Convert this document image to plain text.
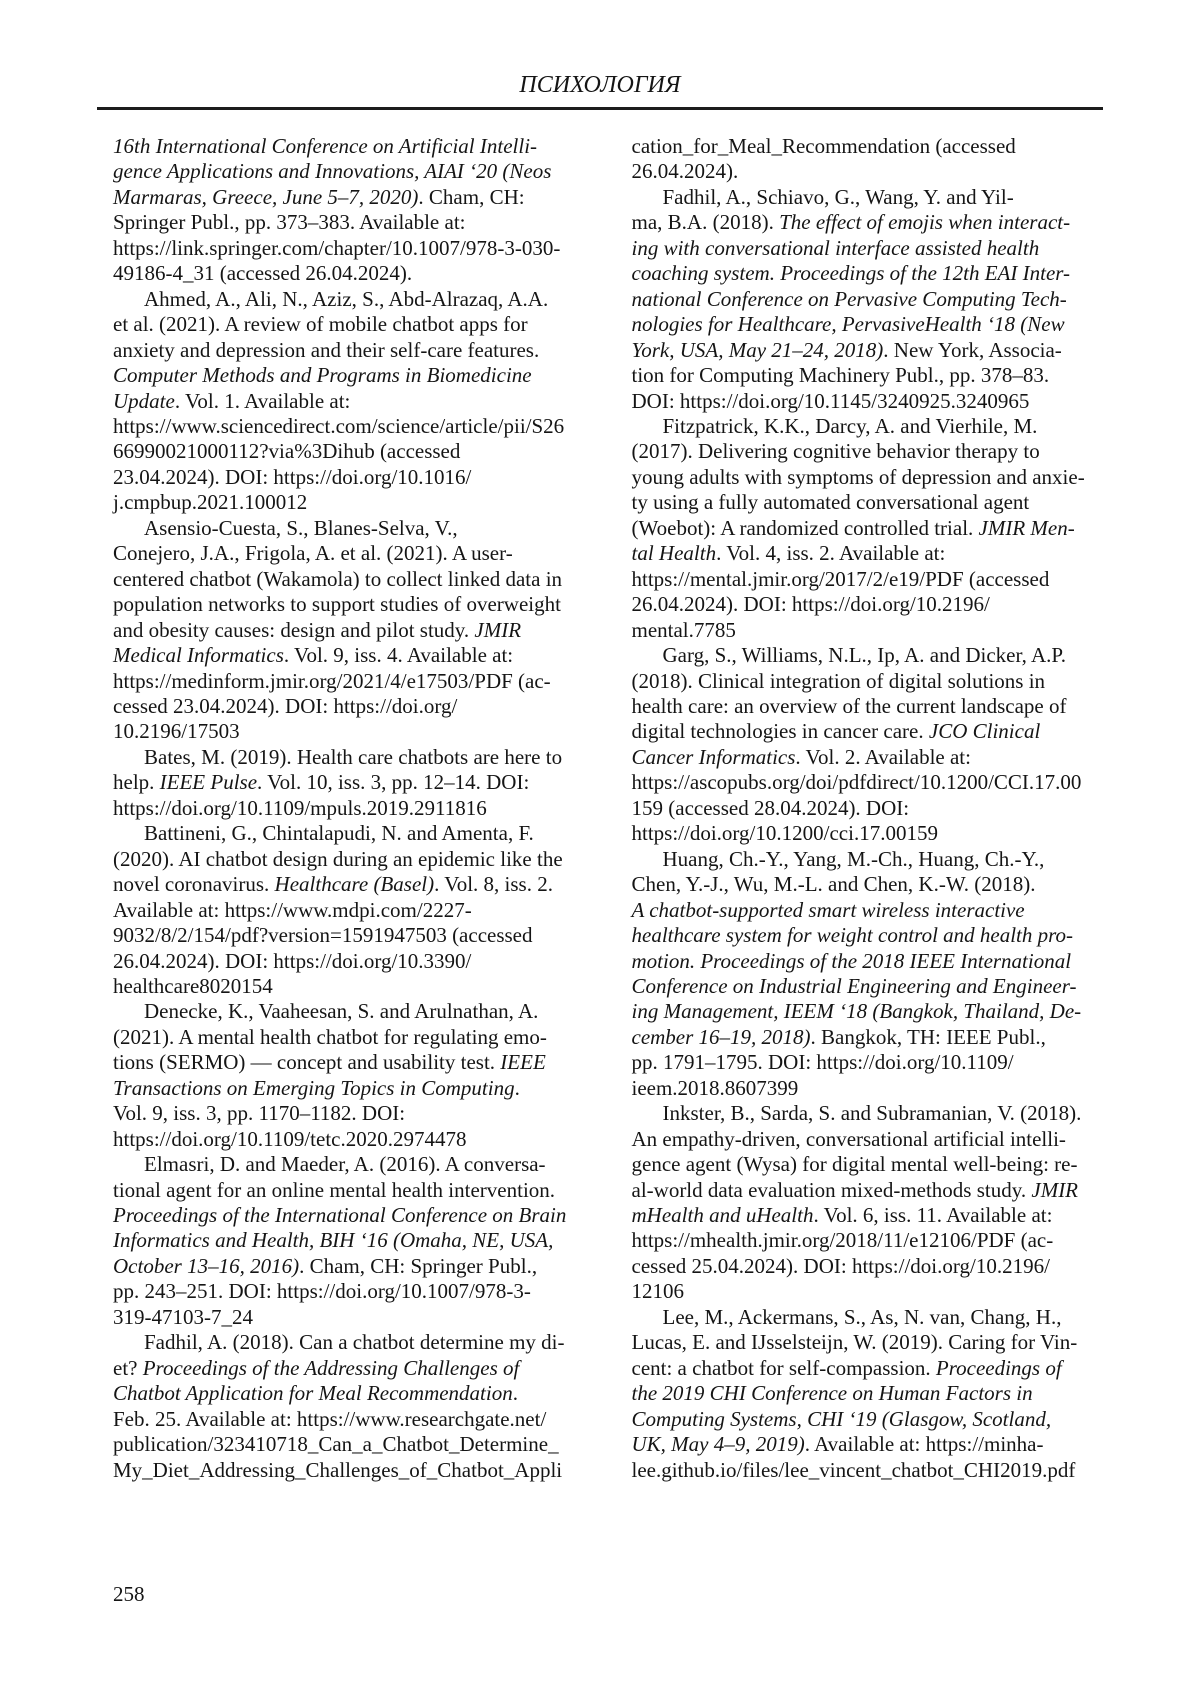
ПСИХОЛОГИЯ

16th International Conference on Artificial Intelli-
gence Applications and Innovations, AIAI ‘20 (Neos
Marmaras, Greece, June 5–7, 2020). Cham, CH:
Springer Publ., pp. 373–383. Available at:
https://link.springer.com/chapter/10.1007/978-3-030-
49186-4_31 (accessed 26.04.2024).

Ahmed, A., Ali, N., Aziz, S., Abd-Alrazaq, A.A.
et al. (2021). A review of mobile chatbot apps for
anxiety and depression and their self-care features.
Computer Methods and Programs in Biomedicine
Update. Vol. 1. Available at:
https://www.sciencedirect.com/science/article/pii/S26
66990021000112?via%3Dihub (accessed
23.04.2024). DOI: https://doi.org/10.1016/
j.cmpbup.2021.100012

Asensio-Cuesta, S., Blanes-Selva, V.,
Conejero, J.A., Frigola, A. et al. (2021). A user-
centered chatbot (Wakamola) to collect linked data in
population networks to support studies of overweight
and obesity causes: design and pilot study. JMIR
Medical Informatics. Vol. 9, iss. 4. Available at:
https://medinform.jmir.org/2021/4/e17503/PDF (ac-
cessed 23.04.2024). DOI: https://doi.org/
10.2196/17503

Bates, M. (2019). Health care chatbots are here to
help. IEEE Pulse. Vol. 10, iss. 3, pp. 12–14. DOI:
https://doi.org/10.1109/mpuls.2019.2911816

Battineni, G., Chintalapudi, N. and Amenta, F.
(2020). AI chatbot design during an epidemic like the
novel coronavirus. Healthcare (Basel). Vol. 8, iss. 2.
Available at: https://www.mdpi.com/2227-
9032/8/2/154/pdf?version=1591947503 (accessed
26.04.2024). DOI: https://doi.org/10.3390/
healthcare8020154

Denecke, K., Vaaheesan, S. and Arulnathan, A.
(2021). A mental health chatbot for regulating emo-
tions (SERMO) — concept and usability test. IEEE
Transactions on Emerging Topics in Computing.
Vol. 9, iss. 3, pp. 1170–1182. DOI:
https://doi.org/10.1109/tetc.2020.2974478

Elmasri, D. and Maeder, A. (2016). A conversa-
tional agent for an online mental health intervention.
Proceedings of the International Conference on Brain
Informatics and Health, BIH ‘16 (Omaha, NE, USA,
October 13–16, 2016). Cham, CH: Springer Publ.,
pp. 243–251. DOI: https://doi.org/10.1007/978-3-
319-47103-7_24

Fadhil, A. (2018). Can a chatbot determine my di-
et? Proceedings of the Addressing Challenges of
Chatbot Application for Meal Recommendation.
Feb. 25. Available at: https://www.researchgate.net/
publication/323410718_Can_a_Chatbot_Determine_
My_Diet_Addressing_Challenges_of_Chatbot_Appli

cation_for_Meal_Recommendation (accessed
26.04.2024).

Fadhil, A., Schiavo, G., Wang, Y. and Yil-
ma, B.A. (2018). The effect of emojis when interact-
ing with conversational interface assisted health
coaching system. Proceedings of the 12th EAI Inter-
national Conference on Pervasive Computing Tech-
nologies for Healthcare, PervasiveHealth ‘18 (New
York, USA, May 21–24, 2018). New York, Associa-
tion for Computing Machinery Publ., pp. 378–83.
DOI: https://doi.org/10.1145/3240925.3240965

Fitzpatrick, K.K., Darcy, A. and Vierhile, M.
(2017). Delivering cognitive behavior therapy to
young adults with symptoms of depression and anxie-
ty using a fully automated conversational agent
(Woebot): A randomized controlled trial. JMIR Men-
tal Health. Vol. 4, iss. 2. Available at:
https://mental.jmir.org/2017/2/e19/PDF (accessed
26.04.2024). DOI: https://doi.org/10.2196/
mental.7785

Garg, S., Williams, N.L., Ip, A. and Dicker, A.P.
(2018). Clinical integration of digital solutions in
health care: an overview of the current landscape of
digital technologies in cancer care. JCO Clinical
Cancer Informatics. Vol. 2. Available at:
https://ascopubs.org/doi/pdfdirect/10.1200/CCI.17.00
159 (accessed 28.04.2024). DOI:
https://doi.org/10.1200/cci.17.00159

Huang, Ch.-Y., Yang, M.-Ch., Huang, Ch.-Y.,
Chen, Y.-J., Wu, M.-L. and Chen, K.-W. (2018).
A chatbot-supported smart wireless interactive
healthcare system for weight control and health pro-
motion. Proceedings of the 2018 IEEE International
Conference on Industrial Engineering and Engineer-
ing Management, IEEM ‘18 (Bangkok, Thailand, De-
cember 16–19, 2018). Bangkok, TH: IEEE Publ.,
pp. 1791–1795. DOI: https://doi.org/10.1109/
ieem.2018.8607399

Inkster, B., Sarda, S. and Subramanian, V. (2018).
An empathy-driven, conversational artificial intelli-
gence agent (Wysa) for digital mental well-being: re-
al-world data evaluation mixed-methods study. JMIR
mHealth and uHealth. Vol. 6, iss. 11. Available at:
https://mhealth.jmir.org/2018/11/e12106/PDF (ac-
cessed 25.04.2024). DOI: https://doi.org/10.2196/
12106

Lee, M., Ackermans, S., As, N. van, Chang, H.,
Lucas, E. and IJsselsteijn, W. (2019). Caring for Vin-
cent: a chatbot for self-compassion. Proceedings of
the 2019 CHI Conference on Human Factors in
Computing Systems, CHI ‘19 (Glasgow, Scotland,
UK, May 4–9, 2019). Available at: https://minha-
lee.github.io/files/lee_vincent_chatbot_CHI2019.pdf

258
